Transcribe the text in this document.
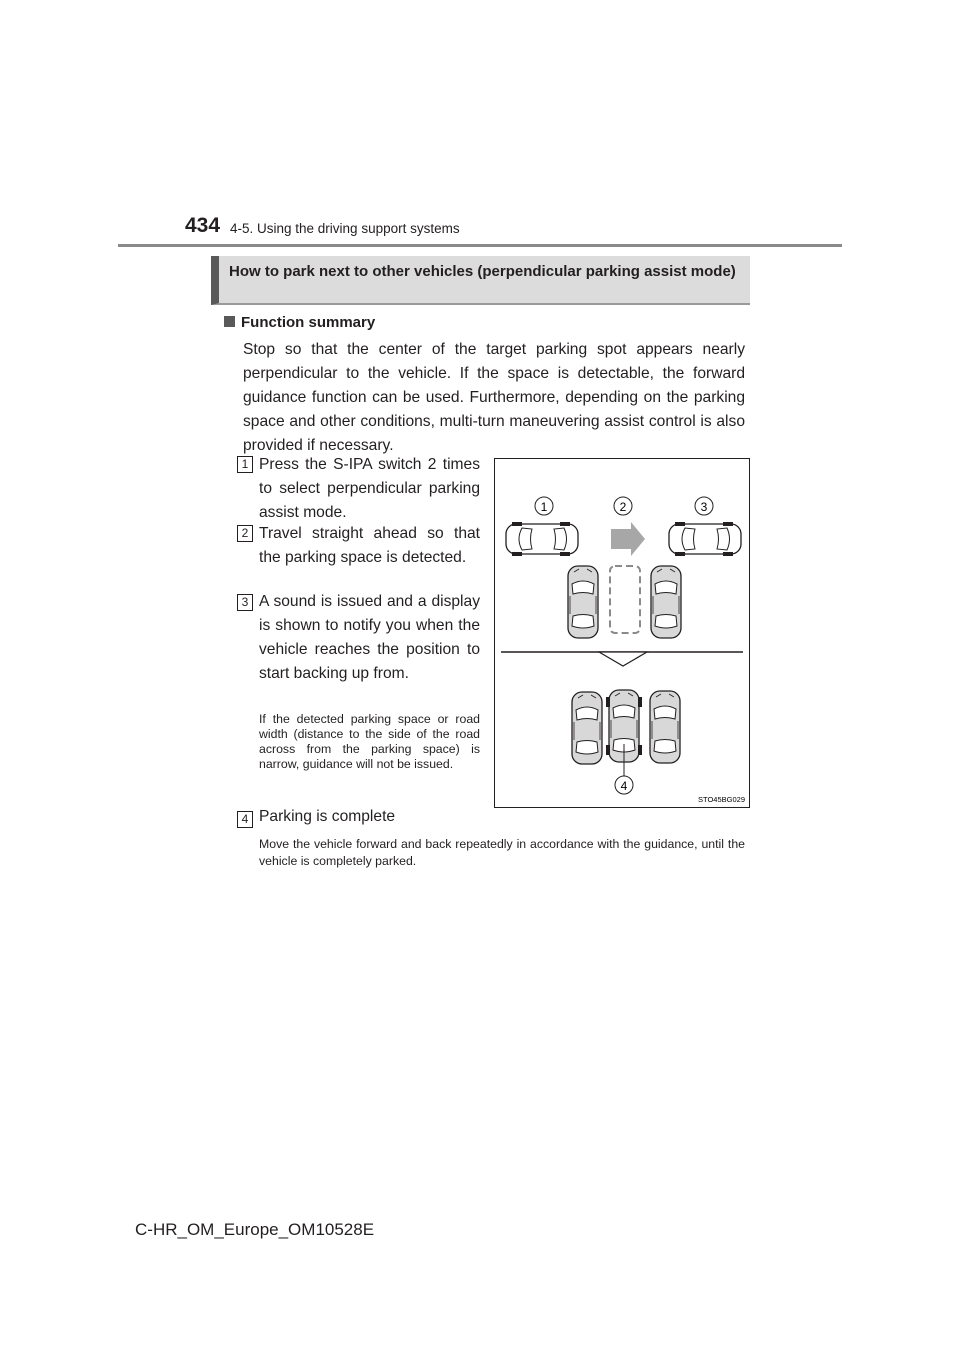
434 4-5. Using the driving support systems
How to park next to other vehicles (perpendicular parking assist mode)
Function summary
Stop so that the center of the target parking spot appears nearly perpendicular to the vehicle. If the space is detectable, the forward guidance function can be used. Furthermore, depending on the parking space and other conditions, multi-turn maneuvering assist control is also provided if necessary.
1 Press the S-IPA switch 2 times to select perpendicular parking assist mode.
2 Travel straight ahead so that the parking space is detected.
3 A sound is issued and a display is shown to notify you when the vehicle reaches the position to start backing up from.
If the detected parking space or road width (distance to the side of the road across from the parking space) is narrow, guidance will not be issued.
4 Parking is complete
Move the vehicle forward and back repeatedly in accordance with the guidance, until the vehicle is completely parked.
1	2	3
4
STO45BG029
C-HR_OM_Europe_OM10528E
